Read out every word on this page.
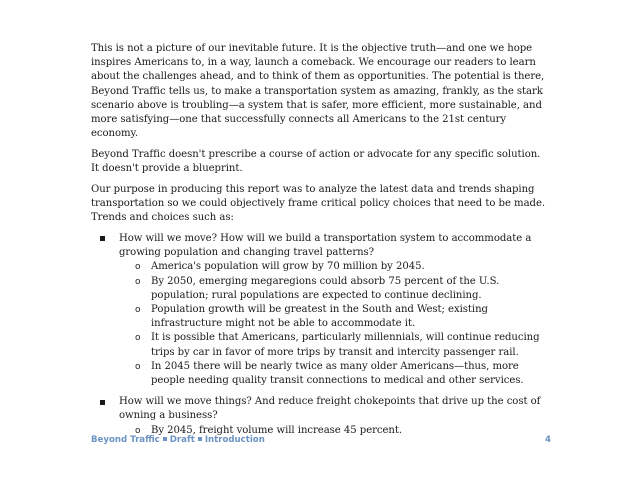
This is not a picture of our inevitable future. It is the objective truth—and one we hope inspires Americans to, in a way, launch a comeback. We encourage our readers to learn about the challenges ahead, and to think of them as opportunities. The potential is there, Beyond Traffic tells us, to make a transportation system as amazing, frankly, as the stark scenario above is troubling—a system that is safer, more efficient, more sustainable, and more satisfying—one that successfully connects all Americans to the 21st century economy.

Beyond Traffic doesn't prescribe a course of action or advocate for any specific solution. It doesn't provide a blueprint.

Our purpose in producing this report was to analyze the latest data and trends shaping transportation so we could objectively frame critical policy choices that need to be made. Trends and choices such as:

How will we move? How will we build a transportation system to accommodate a growing population and changing travel patterns?
o America's population will grow by 70 million by 2045.
o By 2050, emerging megaregions could absorb 75 percent of the U.S. population; rural populations are expected to continue declining.
o Population growth will be greatest in the South and West; existing infrastructure might not be able to accommodate it.
o It is possible that Americans, particularly millennials, will continue reducing trips by car in favor of more trips by transit and intercity passenger rail.
o In 2045 there will be nearly twice as many older Americans—thus, more people needing quality transit connections to medical and other services.
How will we move things? And reduce freight chokepoints that drive up the cost of owning a business?
o By 2045, freight volume will increase 45 percent.
Beyond Traffic Draft Introduction	4
